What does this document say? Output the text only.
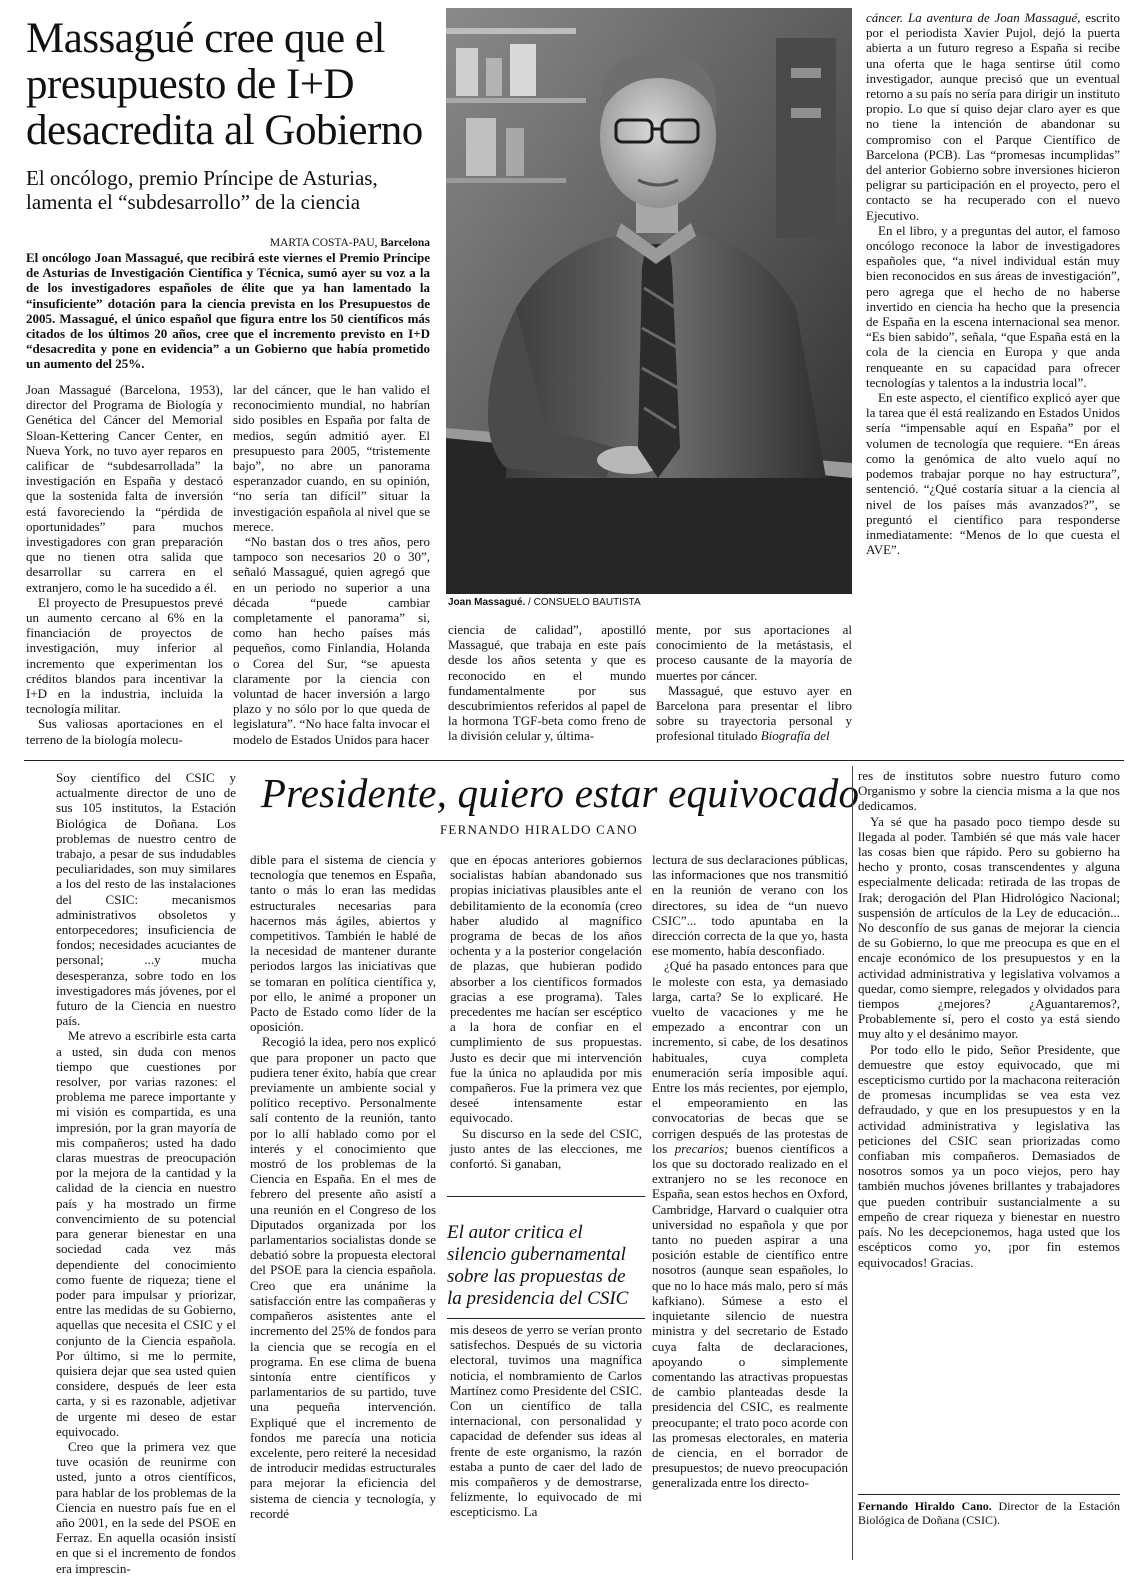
Massagué cree que el presupuesto de I+D desacredita al Gobierno
El oncólogo, premio Príncipe de Asturias, lamenta el “subdesarrollo” de la ciencia
MARTA COSTA-PAU, Barcelona
El oncólogo Joan Massagué, que recibirá este viernes el Premio Príncipe de Asturias de Investigación Científica y Técnica, sumó ayer su voz a la de los investigadores españoles de élite que ya han lamentado la “insuficiente” dotación para la ciencia prevista en los Presupuestos de 2005. Massagué, el único español que figura entre los 50 científicos más citados de los últimos 20 años, cree que el incremento previsto en I+D “desacredita y pone en evidencia” a un Gobierno que había prometido un aumento del 25%.

Joan Massagué (Barcelona, 1953), director del Programa de Biología y Genética del Cáncer del Memorial Sloan-Kettering Cancer Center, en Nueva York, no tuvo ayer reparos en calificar de “subdesarrollada” la investigación en España y destacó que la sostenida falta de inversión está favoreciendo la “pérdida de oportunidades” para muchos investigadores con gran preparación que no tienen otra salida que desarrollar su carrera en el extranjero, como le ha sucedido a él.

El proyecto de Presupuestos prevé un aumento cercano al 6% en la financiación de proyectos de investigación, muy inferior al incremento que experimentan los créditos blandos para incentivar la I+D en la industria, incluida la tecnología militar.

Sus valiosas aportaciones en el terreno de la biología molecu-

lar del cáncer, que le han valido el reconocimiento mundial, no habrían sido posibles en España por falta de medios, según admitió ayer. El presupuesto para 2005, “tristemente bajo”, no abre un panorama esperanzador cuando, en su opinión, “no sería tan difícil” situar la investigación española al nivel que se merece.

“No bastan dos o tres años, pero tampoco son necesarios 20 o 30”, señaló Massagué, quien agregó que en un periodo no superior a una década “puede cambiar completamente el panorama” si, como han hecho países más pequeños, como Finlandia, Holanda o Corea del Sur, “se apuesta claramente por la ciencia con voluntad de hacer inversión a largo plazo y no sólo por lo que queda de legislatura”. “No hace falta invocar el modelo de Estados Unidos para hacer

Joan Massagué. / CONSUELO BAUTISTA

ciencia de calidad”, apostilló Massagué, que trabaja en este país desde los años setenta y que es reconocido en el mundo fundamentalmente por sus descubrimientos referidos al papel de la hormona TGF-beta como freno de la división celular y, última-

mente, por sus aportaciones al conocimiento de la metástasis, el proceso causante de la mayoría de muertes por cáncer.

Massagué, que estuvo ayer en Barcelona para presentar el libro sobre su trayectoria personal y profesional titulado Biografía del

cáncer. La aventura de Joan Massagué, escrito por el periodista Xavier Pujol, dejó la puerta abierta a un futuro regreso a España si recibe una oferta que le haga sentirse útil como investigador, aunque precisó que un eventual retorno a su país no sería para dirigir un instituto propio. Lo que sí quiso dejar claro ayer es que no tiene la intención de abandonar su compromiso con el Parque Científico de Barcelona (PCB). Las “promesas incumplidas” del anterior Gobierno sobre inversiones hicieron peligrar su participación en el proyecto, pero el contacto se ha recuperado con el nuevo Ejecutivo.

En el libro, y a preguntas del autor, el famoso oncólogo reconoce la labor de investigadores españoles que, “a nivel individual están muy bien reconocidos en sus áreas de investigación”, pero agrega que el hecho de no haberse invertido en ciencia ha hecho que la presencia de España en la escena internacional sea menor. “Es bien sabido”, señala, “que España está en la cola de la ciencia en Europa y que anda renqueante en su capacidad para ofrecer tecnologías y talentos a la industria local”.

En este aspecto, el científico explicó ayer que la tarea que él está realizando en Estados Unidos sería “impensable aquí en España” por el volumen de tecnología que requiere. “En áreas como la genómica de alto vuelo aquí no podemos trabajar porque no hay estructura”, sentenció. “¿Qué costaría situar a la ciencia al nivel de los países más avanzados?”, se preguntó el científico para responderse inmediatamente: “Menos de lo que cuesta el AVE”.

Soy científico del CSIC y actualmente director de uno de sus 105 institutos, la Estación Biológica de Doñana. Los problemas de nuestro centro de trabajo, a pesar de sus indudables peculiaridades, son muy similares a los del resto de las instalaciones del CSIC: mecanismos administrativos obsoletos y entorpecedores; insuficiencia de fondos; necesidades acuciantes de personal; ...y mucha desesperanza, sobre todo en los investigadores más jóvenes, por el futuro de la Ciencia en nuestro país.

Me atrevo a escribirle esta carta a usted, sin duda con menos tiempo que cuestiones por resolver, por varias razones: el problema me parece importante y mi visión es compartida, es una impresión, por la gran mayoría de mis compañeros; usted ha dado claras muestras de preocupación por la mejora de la cantidad y la calidad de la ciencia en nuestro país y ha mostrado un firme convencimiento de su potencial para generar bienestar en una sociedad cada vez más dependiente del conocimiento como fuente de riqueza; tiene el poder para impulsar y priorizar, entre las medidas de su Gobierno, aquellas que necesita el CSIC y el conjunto de la Ciencia española. Por último, si me lo permite, quisiera dejar que sea usted quien considere, después de leer esta carta, y si es razonable, adjetivar de urgente mi deseo de estar equivocado.

Creo que la primera vez que tuve ocasión de reunirme con usted, junto a otros científicos, para hablar de los problemas de la Ciencia en nuestro país fue en el año 2001, en la sede del PSOE en Ferraz. En aquella ocasión insistí en que si el incremento de fondos era imprescin-

Presidente, quiero estar equivocado
FERNANDO HIRALDO CANO

dible para el sistema de ciencia y tecnología que tenemos en España, tanto o más lo eran las medidas estructurales necesarias para hacernos más ágiles, abiertos y competitivos. También le hablé de la necesidad de mantener durante periodos largos las iniciativas que se tomaran en política científica y, por ello, le animé a proponer un Pacto de Estado como líder de la oposición.

Recogió la idea, pero nos explicó que para proponer un pacto que pudiera tener éxito, había que crear previamente un ambiente social y político receptivo. Personalmente salí contento de la reunión, tanto por lo allí hablado como por el interés y el conocimiento que mostró de los problemas de la Ciencia en España. En el mes de febrero del presente año asistí a una reunión en el Congreso de los Diputados organizada por los parlamentarios socialistas donde se debatió sobre la propuesta electoral del PSOE para la ciencia española. Creo que era unánime la satisfacción entre las compañeras y compañeros asistentes ante el incremento del 25% de fondos para la ciencia que se recogía en el programa. En ese clima de buena sintonía entre científicos y parlamentarios de su partido, tuve una pequeña intervención. Expliqué que el incremento de fondos me parecía una noticia excelente, pero reiteré la necesidad de introducir medidas estructurales para mejorar la eficiencia del sistema de ciencia y tecnología, y recordé

que en épocas anteriores gobiernos socialistas habían abandonado sus propias iniciativas plausibles ante el debilitamiento de la economía (creo haber aludido al magnífico programa de becas de los años ochenta y a la posterior congelación de plazas, que hubieran podido absorber a los científicos formados gracias a ese programa). Tales precedentes me hacían ser escéptico a la hora de confiar en el cumplimiento de sus propuestas. Justo es decir que mi intervención fue la única no aplaudida por mis compañeros. Fue la primera vez que deseé intensamente estar equivocado.

Su discurso en la sede del CSIC, justo antes de las elecciones, me confortó. Si ganaban,

El autor critica el silencio gubernamental sobre las propuestas de la presidencia del CSIC

mis deseos de yerro se verían pronto satisfechos. Después de su victoria electoral, tuvimos una magnífica noticia, el nombramiento de Carlos Martínez como Presidente del CSIC. Con un científico de talla internacional, con personalidad y capacidad de defender sus ideas al frente de este organismo, la razón estaba a punto de caer del lado de mis compañeros y de demostrarse, felizmente, lo equivocado de mi escepticismo. La

lectura de sus declaraciones públicas, las informaciones que nos transmitió en la reunión de verano con los directores, su idea de “un nuevo CSIC”... todo apuntaba en la dirección correcta de la que yo, hasta ese momento, había desconfiado.

¿Qué ha pasado entonces para que le moleste con esta, ya demasiado larga, carta? Se lo explicaré. He vuelto de vacaciones y me he empezado a encontrar con un incremento, si cabe, de los desatinos habituales, cuya completa enumeración sería imposible aquí. Entre los más recientes, por ejemplo, el empeoramiento en las convocatorias de becas que se corrigen después de las protestas de los precarios; buenos científicos a los que su doctorado realizado en el extranjero no se les reconoce en España, sean estos hechos en Oxford, Cambridge, Harvard o cualquier otra universidad no española y que por tanto no pueden aspirar a una posición estable de científico entre nosotros (aunque sean españoles, lo que no lo hace más malo, pero sí más kafkiano). Súmese a esto el inquietante silencio de nuestra ministra y del secretario de Estado cuya falta de declaraciones, apoyando o simplemente comentando las atractivas propuestas de cambio planteadas desde la presidencia del CSIC, es realmente preocupante; el trato poco acorde con las promesas electorales, en materia de ciencia, en el borrador de presupuestos; de nuevo preocupación generalizada entre los directo-

res de institutos sobre nuestro futuro como Organismo y sobre la ciencia misma a la que nos dedicamos.

Ya sé que ha pasado poco tiempo desde su llegada al poder. También sé que más vale hacer las cosas bien que rápido. Pero su gobierno ha hecho y pronto, cosas transcendentes y alguna especialmente delicada: retirada de las tropas de Irak; derogación del Plan Hidrológico Nacional; suspensión de artículos de la Ley de educación... No desconfío de sus ganas de mejorar la ciencia de su Gobierno, lo que me preocupa es que en el encaje económico de los presupuestos y en la actividad administrativa y legislativa volvamos a quedar, como siempre, relegados y olvidados para tiempos ¿mejores? ¿Aguantaremos?, Probablemente sí, pero el costo ya está siendo muy alto y el desánimo mayor.

Por todo ello le pido, Señor Presidente, que demuestre que estoy equivocado, que mi escepticismo curtido por la machacona reiteración de promesas incumplidas se vea esta vez defraudado, y que en los presupuestos y en la actividad administrativa y legislativa las peticiones del CSIC sean priorizadas como confiaban mis compañeros. Demasiados de nosotros somos ya un poco viejos, pero hay también muchos jóvenes brillantes y trabajadores que pueden contribuir sustancialmente a su empeño de crear riqueza y bienestar en nuestro país. No les decepcionemos, haga usted que los escépticos como yo, ¡por fin estemos equivocados! Gracias.

Fernando Hiraldo Cano. Director de la Estación Biológica de Doñana (CSIC).
